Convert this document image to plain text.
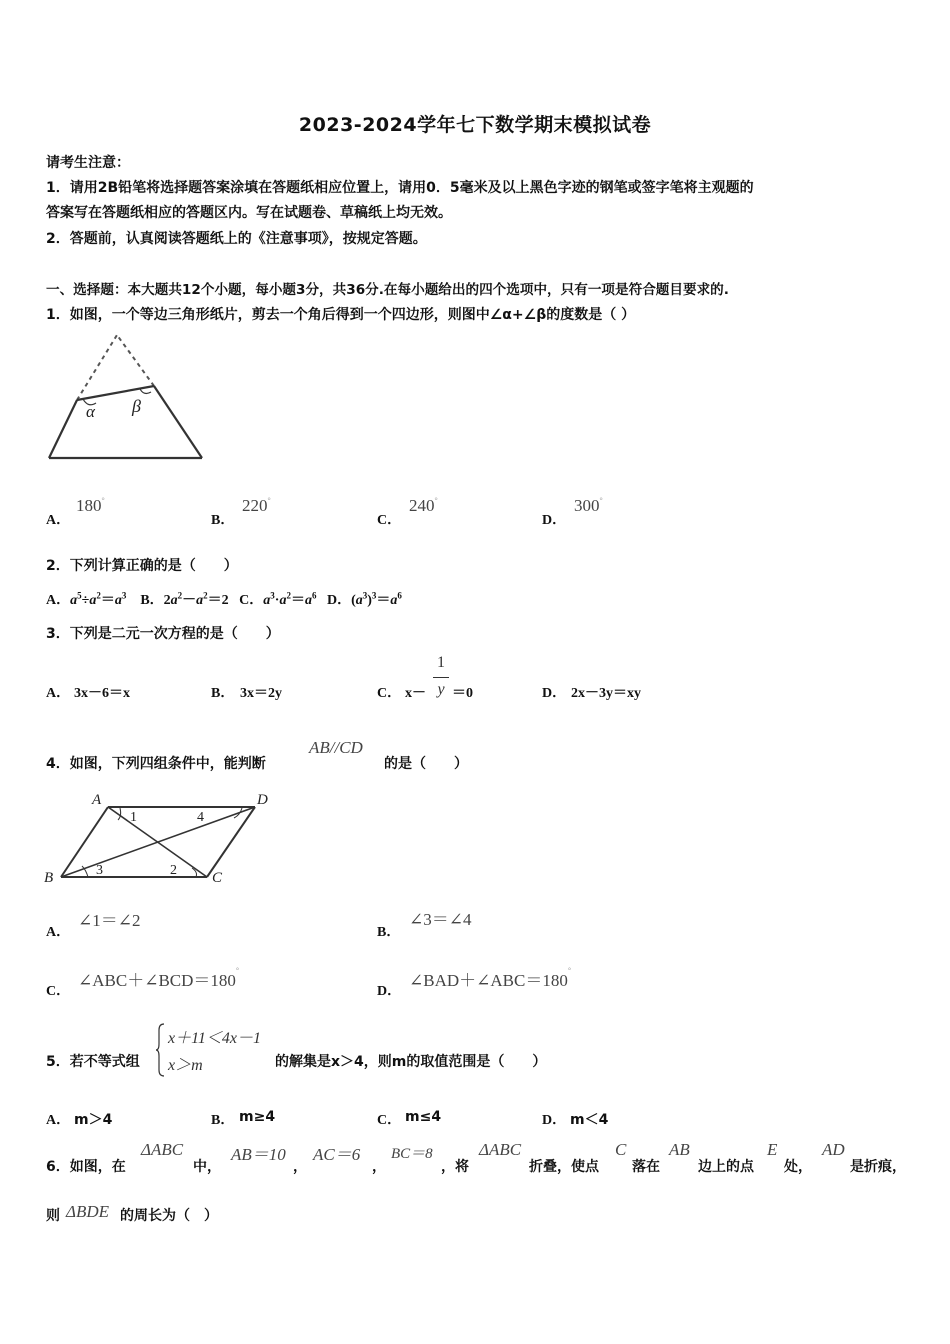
2023-2024学年七下数学期末模拟试卷
请考生注意：
1．请用2B铅笔将选择题答案涂填在答题纸相应位置上，请用0．5毫米及以上黑色字迹的钢笔或签字笔将主观题的
答案写在答题纸相应的答题区内。写在试题卷、草稿纸上均无效。
2．答题前，认真阅读答题纸上的《注意事项》，按规定答题。
一、选择题：本大题共12个小题，每小题3分，共36分.在每小题给出的四个选项中，只有一项是符合题目要求的.
1．如图，一个等边三角形纸片，剪去一个角后得到一个四边形，则图中∠α+∠β的度数是（ ）
α β
A．
180°
B．
220°
C．
240°
D．
300°
2．下列计算正确的是（　　）
A．$a^5\div a^2=a^3$ B．$2a^2-a^2=2$   C．$a^3\cdot a^2=a^6$ D．$(a^3)^3=a^6$
3．下列是二元一次方程的是（　　）
A． 3x－6＝x	B． 3x＝2y	C． x－
1
y ＝0	D． 2x－3y＝xy
4．如图，下列四组条件中，能判断
AB//CD
的是（　　）
A	D
B	C
1	4
3	2
A．
∠1＝∠2
B．
∠3＝∠4
C．
∠ABC＋∠BCD＝180°
D．
∠BAD＋∠ABC＝180°
5．若不等式组
x＋11＜4x－1
x＞m	的解集是x＞4，则m的取值范围是（　　）
A． m＞4	B． m≥4	C． m≤4	D． m＜4
6．如图，在
ΔABC
中，
AB＝10
，
AC＝6
，
BC＝8
，将
ΔABC
折叠，使点
C
落在
AB
边上的点
E
处，
AD
是折痕，
则 ΔBDE 的周长为（　）
